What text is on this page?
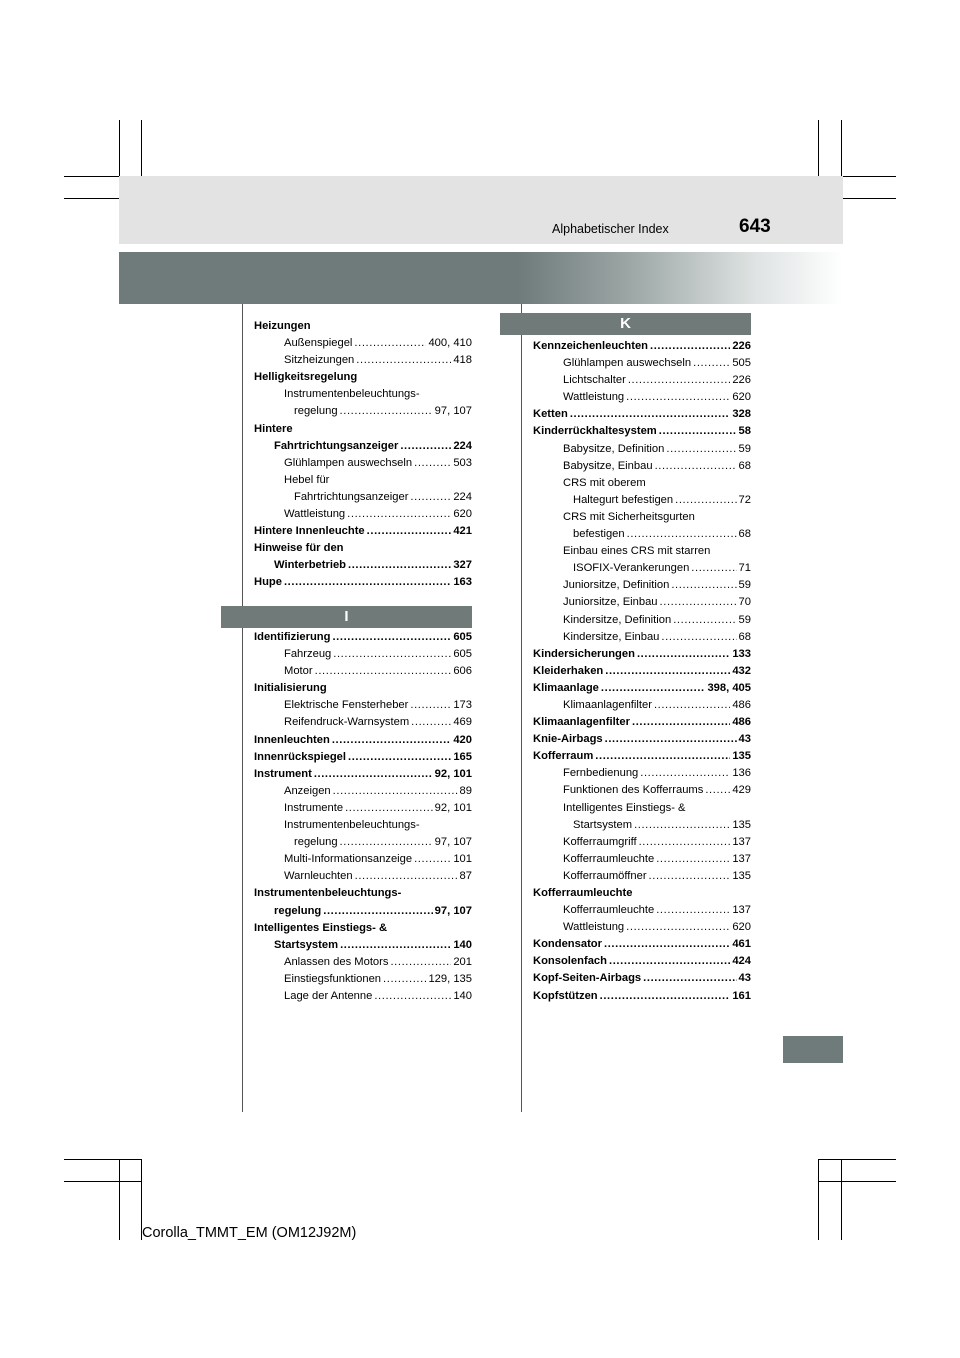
Alphabetischer Index	643
I
K
Heizungen
Außenspiegel .....	400, 410
Sitzheizungen .....	418
Helligkeitsregelung
Instrumentenbeleuchtungs-
regelung .....	97, 107
Hintere
Fahrtrichtungsanzeiger .....	224
Glühlampen auswechseln .....	503
Hebel für
Fahrtrichtungsanzeiger .....	224
Wattleistung .....	620
Hintere Innenleuchte .....	421
Hinweise für den
Winterbetrieb .....	327
Hupe .....	163
Identifizierung .....	605
Fahrzeug .....	605
Motor .....	606
Initialisierung
Elektrische Fensterheber .....	173
Reifendruck-Warnsystem .....	469
Innenleuchten .....	420
Innenrückspiegel .....	165
Instrument .....	92, 101
Anzeigen .....	89
Instrumente .....	92, 101
Instrumentenbeleuchtungs-
regelung .....	97, 107
Multi-Informationsanzeige .....	101
Warnleuchten .....	87
Instrumentenbeleuchtungs-
regelung .....	97, 107
Intelligentes Einstiegs- &
Startsystem .....	140
Anlassen des Motors .....	201
Einstiegsfunktionen .....	129, 135
Lage der Antenne .....	140
Kennzeichenleuchten .....	226
Glühlampen auswechseln .....	505
Lichtschalter .....	226
Wattleistung .....	620
Ketten .....	328
Kinderrückhaltesystem .....	58
Babysitze, Definition .....	59
Babysitze, Einbau .....	68
CRS mit oberem
Haltegurt befestigen .....	72
CRS mit Sicherheitsgurten
befestigen .....	68
Einbau eines CRS mit starren
ISOFIX-Verankerungen .....	71
Juniorsitze, Definition .....	59
Juniorsitze, Einbau .....	70
Kindersitze, Definition .....	59
Kindersitze, Einbau .....	68
Kindersicherungen .....	133
Kleiderhaken .....	432
Klimaanlage .....	398, 405
Klimaanlagenfilter .....	486
Klimaanlagenfilter .....	486
Knie-Airbags .....	43
Kofferraum .....	135
Fernbedienung .....	136
Funktionen des Kofferraums .....	429
Intelligentes Einstiegs- &
Startsystem .....	135
Kofferraumgriff .....	137
Kofferraumleuchte .....	137
Kofferraumöffner .....	135
Kofferraumleuchte
Kofferraumleuchte .....	137
Wattleistung .....	620
Kondensator .....	461
Konsolenfach .....	424
Kopf-Seiten-Airbags .....	43
Kopfstützen .....	161
Corolla_TMMT_EM (OM12J92M)
